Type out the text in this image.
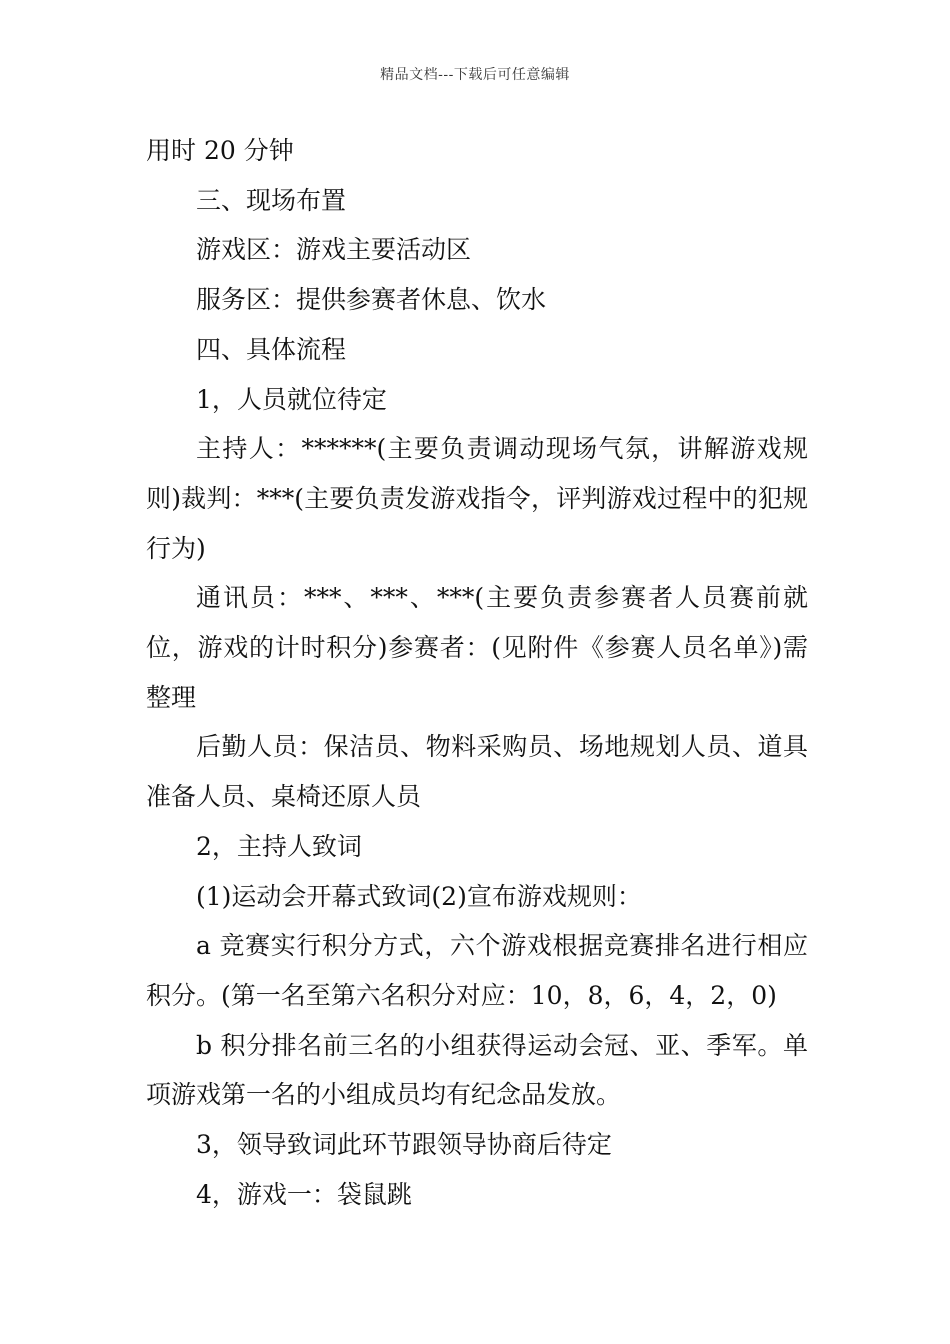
精品文档---下载后可任意编辑

用时 20 分钟

三、现场布置

游戏区：游戏主要活动区

服务区：提供参赛者休息、饮水

四、具体流程

1，人员就位待定

主持人：******(主要负责调动现场气氛，讲解游戏规则)裁判：***(主要负责发游戏指令，评判游戏过程中的犯规行为)

通讯员：***、***、***(主要负责参赛者人员赛前就位，游戏的计时积分)参赛者：(见附件《参赛人员名单》)需整理

后勤人员：保洁员、物料采购员、场地规划人员、道具准备人员、桌椅还原人员

2，主持人致词

(1)运动会开幕式致词(2)宣布游戏规则：

a 竞赛实行积分方式，六个游戏根据竞赛排名进行相应积分。(第一名至第六名积分对应：10，8，6，4，2，0)

b 积分排名前三名的小组获得运动会冠、亚、季军。单项游戏第一名的小组成员均有纪念品发放。

3，领导致词此环节跟领导协商后待定

4，游戏一：袋鼠跳
